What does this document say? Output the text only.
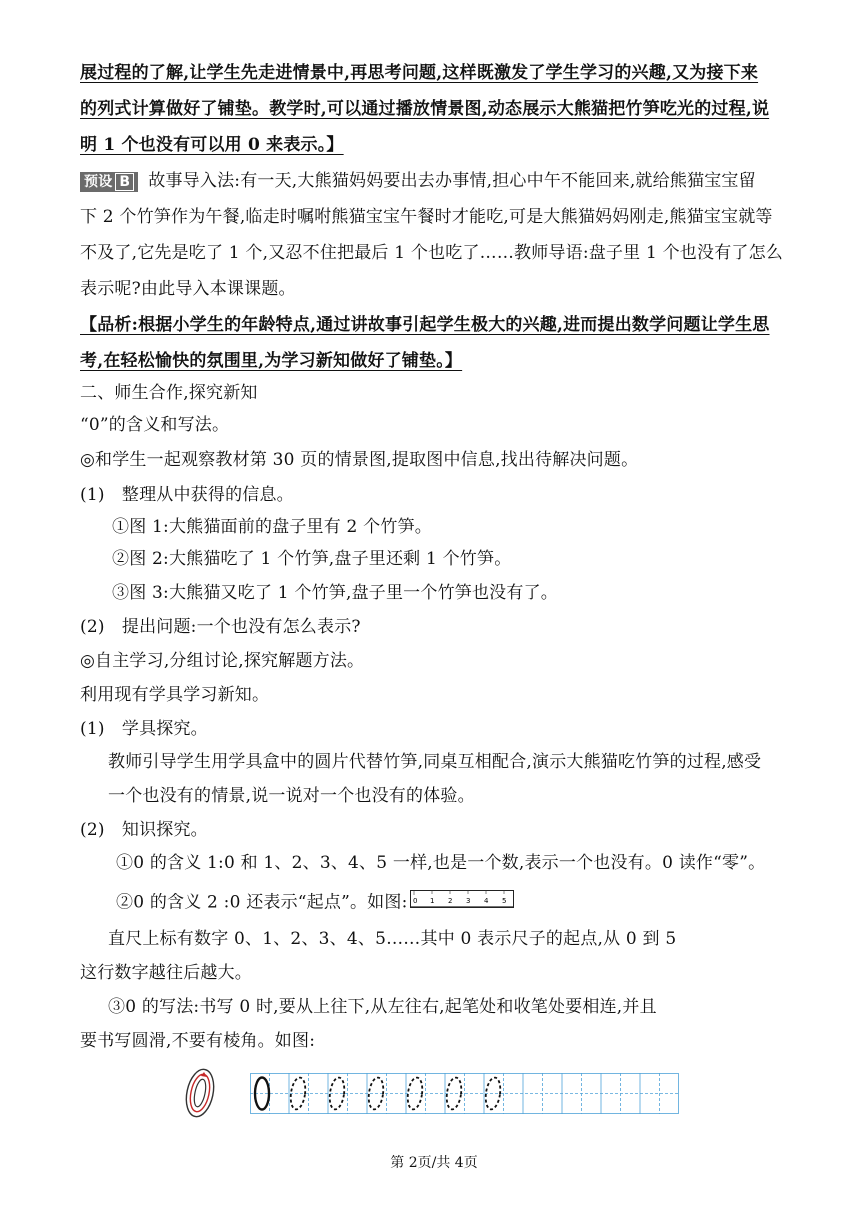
展过程的了解,让学生先走进情景中,再思考问题,这样既激发了学生学习的兴趣,又为接下来
的列式计算做好了铺垫。教学时,可以通过播放情景图,动态展示大熊猫把竹笋吃光的过程,说
明 1 个也没有可以用 0 来表示。】
预设 B 故事导入法:有一天,大熊猫妈妈要出去办事情,担心中午不能回来,就给熊猫宝宝留
下 2 个竹笋作为午餐,临走时嘱咐熊猫宝宝午餐时才能吃,可是大熊猫妈妈刚走,熊猫宝宝就等
不及了,它先是吃了 1 个,又忍不住把最后 1 个也吃了……教师导语:盘子里 1 个也没有了怎么
表示呢?由此导入本课课题。
【品析:根据小学生的年龄特点,通过讲故事引起学生极大的兴趣,进而提出数学问题让学生思
考,在轻松愉快的氛围里,为学习新知做好了铺垫。】
二、师生合作,探究新知
“0”的含义和写法。
◎和学生一起观察教材第 30 页的情景图,提取图中信息,找出待解决问题。
(1)　整理从中获得的信息。
①图 1:大熊猫面前的盘子里有 2 个竹笋。
②图 2:大熊猫吃了 1 个竹笋,盘子里还剩 1 个竹笋。
③图 3:大熊猫又吃了 1 个竹笋,盘子里一个竹笋也没有了。
(2)　提出问题:一个也没有怎么表示?
◎自主学习,分组讨论,探究解题方法。
利用现有学具学习新知。
(1)　学具探究。
教师引导学生用学具盒中的圆片代替竹笋,同桌互相配合,演示大熊猫吃竹笋的过程,感受
一个也没有的情景,说一说对一个也没有的体验。
(2)　知识探究。
①0 的含义 1:0 和 1、2、3、4、5 一样,也是一个数,表示一个也没有。0 读作“零”。
②0 的含义 2 :0 还表示“起点”。如图: 0 1 2 3 4 5
直尺上标有数字 0、1、2、3、4、5……其中 0 表示尺子的起点,从 0 到 5
这行数字越往后越大。
③0 的写法:书写 0 时,要从上往下,从左往右,起笔处和收笔处要相连,并且
要书写圆滑,不要有棱角。如图:
第 2页/共 4页
